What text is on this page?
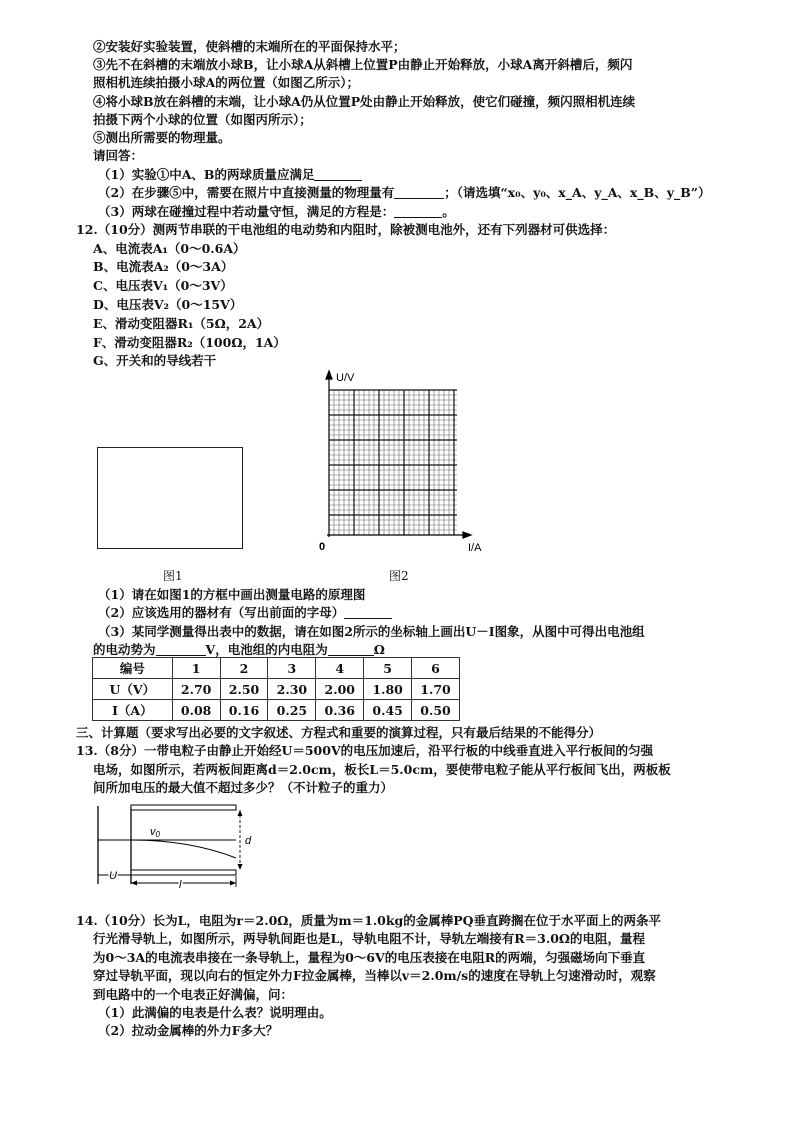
②安装好实验装置，使斜槽的末端所在的平面保持水平；
③先不在斜槽的末端放小球B，让小球A从斜槽上位置P由静止开始释放，小球A离开斜槽后，频闪
照相机连续拍摄小球A的两位置（如图乙所示）；
④将小球B放在斜槽的末端，让小球A仍从位置P处由静止开始释放，使它们碰撞，频闪照相机连续
拍摄下两个小球的位置（如图丙所示）；
⑤测出所需要的物理量。
请回答：
（1）实验①中A、B的两球质量应满足
（2）在步骤⑤中，需要在照片中直接测量的物理量有	；（请选填“x₀、y₀、x_A、y_A、x_B、y_B”）
（3）两球在碰撞过程中若动量守恒，满足的方程是：	。
12.（10分）测两节串联的干电池组的电动势和内阻时，除被测电池外，还有下列器材可供选择：
A、电流表A₁（0～0.6A）
B、电流表A₂（0～3A）
C、电压表V₁（0～3V）
D、电压表V₂（0～15V）
E、滑动变阻器R₁（5Ω，2A）
F、滑动变阻器R₂（100Ω，1A）
G、开关和的导线若干
图1
U/V
I/A
0
图2
（1）请在如图1的方框中画出测量电路的原理图
（2）应该选用的器材有（写出前面的字母）
（3）某同学测量得出表中的数据，请在如图2所示的坐标轴上画出U－I图象，从图中可得出电池组
的电动势为	V，电池组的内电阻为	Ω
编号	1	2	3	4	5	6
U（V）	2.70	2.50	2.30	2.00	1.80	1.70
I（A）	0.08	0.16	0.25	0.36	0.45	0.50
三、计算题（要求写出必要的文字叙述、方程式和重要的演算过程，只有最后结果的不能得分）
13.（8分）一带电粒子由静止开始经U＝500V的电压加速后，沿平行板的中线垂直进入平行板间的匀强
电场，如图所示，若两板间距离d＝2.0cm，板长L＝5.0cm，要使带电粒子能从平行板间飞出，两板板
间所加电压的最大值不超过多少？（不计粒子的重力）
d
v0
U
l
14.（10分）长为L，电阻为r＝2.0Ω，质量为m＝1.0kg的金属棒PQ垂直跨搁在位于水平面上的两条平
行光滑导轨上，如图所示，两导轨间距也是L，导轨电阻不计，导轨左端接有R＝3.0Ω的电阻，量程
为0～3A的电流表串接在一条导轨上，量程为0～6V的电压表接在电阻R的两端，匀强磁场向下垂直
穿过导轨平面，现以向右的恒定外力F拉金属棒，当棒以v＝2.0m/s的速度在导轨上匀速滑动时，观察
到电路中的一个电表正好满偏，问：
（1）此满偏的电表是什么表？说明理由。
（2）拉动金属棒的外力F多大？
